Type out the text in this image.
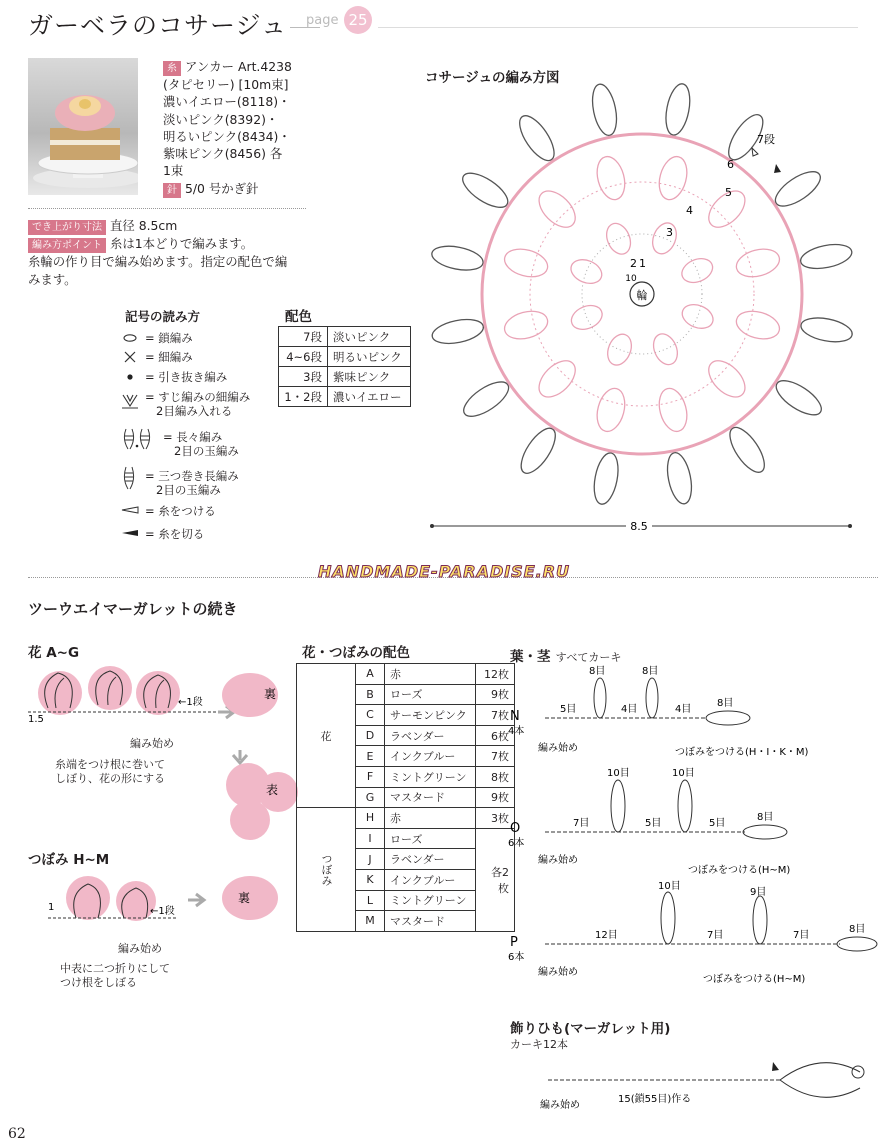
ガーベラのコサージュ page 25
糸 アンカー Art.4238
(タピセリー) [10m束]
濃いイエロー(8118)・
淡いピンク(8392)・
明るいピンク(8434)・
紫味ピンク(8456) 各
1束
針 5/0 号かぎ針
でき上がり寸法 直径 8.5cm
編み方ポイント 糸は1本どりで編みます。
糸輪の作り目で編み始めます。指定の配色で編
みます。
記号の読み方
= 鎖編み
= 細編み
= 引き抜き編み
= すじ編みの細編み
2目編み入れる
= 長々編み
2目の玉編み
= 三つ巻き長編み
2目の玉編み
= 糸をつける
= 糸を切る
配色
7段	淡いピンク
4~6段	明るいピンク
3段	紫味ピンク
1・2段	濃いイエロー
コサージュの編み方図
輪
10
7段
6
5
4
3
2 1
8.5
HANDMADE-PARADISE.RU
ツーウエイマーガレットの続き
花 A~G
裏
表
←1段
1.5
編み始め
糸端をつけ根に巻いて
しぼり、花の形にする
つぼみ H~M
裏
←1段
1
編み始め
中表に二つ折りにして
つけ根をしぼる
花・つぼみの配色
花	A	赤	12枚
	B	ローズ	9枚
	C	サーモンピンク	7枚
	D	ラベンダー	6枚
	E	インクブルー	7枚
	F	ミントグリーン	8枚
	G	マスタード	9枚
つぼみ	H	赤	3枚
	I	ローズ	各2枚
	J	ラベンダー	
	K	インクブルー	
	L	ミントグリーン	
	M	マスタード	
葉・茎 すべてカーキ
N
4本
5目	4目	4目
8目	8目
8目
編み始め	つぼみをつける(H・I・K・M)
O
6本
7目	5目	5目
10目	10目
8目
編み始め
つぼみをつける(H~M)
P
6本
12目	7目	7目
10目
9目
8目
編み始め
つぼみをつける(H~M)
飾りひも(マーガレット用)
カーキ12本
編み始め
15(鎖55目)作る
62
